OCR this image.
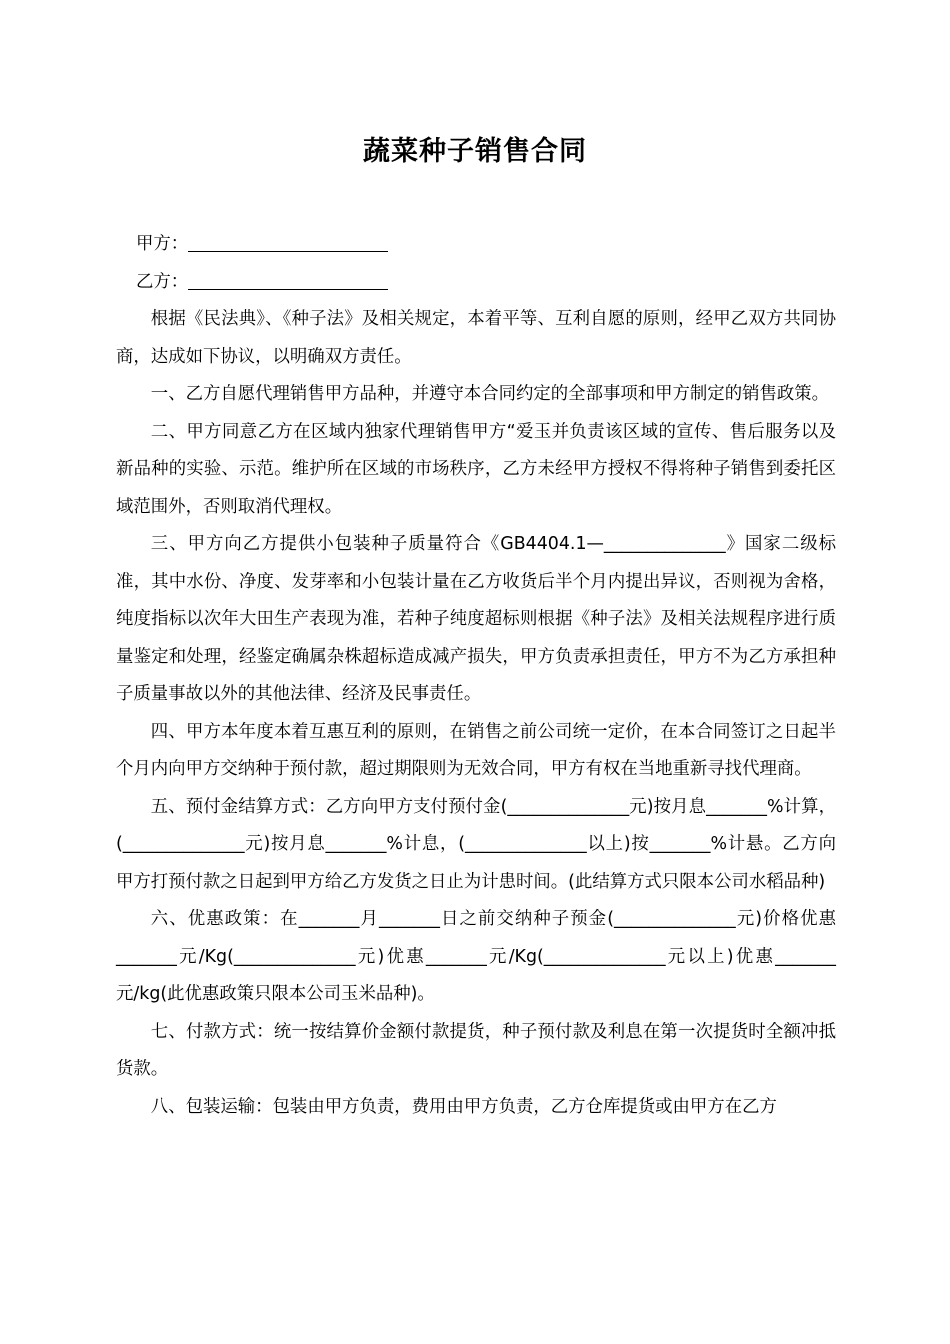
蔬菜种子销售合同
甲方：
乙方：

根据《民法典》、《种子法》及相关规定，本着平等、互利自愿的原则，经甲乙双方共同协商，达成如下协议，以明确双方责任。

一、乙方自愿代理销售甲方品种，并遵守本合同约定的全部事项和甲方制定的销售政策。

二、甲方同意乙方在区域内独家代理销售甲方“爱玉并负责该区域的宣传、售后服务以及新品种的实验、示范。维护所在区域的市场秩序，乙方未经甲方授权不得将种子销售到委托区域范围外，否则取消代理权。

三、甲方向乙方提供小包装种子质量符合《GB4404.1—______________》国家二级标准，其中水份、净度、发芽率和小包装计量在乙方收货后半个月内提出异议，否则视为舍格，纯度指标以次年大田生产表现为准，若种子纯度超标则根据《种子法》及相关法规程序进行质量鉴定和处理，经鉴定确属杂株超标造成减产损失，甲方负责承担责任，甲方不为乙方承担种子质量事故以外的其他法律、经济及民事责任。

四、甲方本年度本着互惠互利的原则，在销售之前公司统一定价，在本合同签订之日起半个月内向甲方交纳种于预付款，超过期限则为无效合同，甲方有权在当地重新寻找代理商。

五、预付金结算方式：乙方向甲方支付预付金(______________元)按月息_______%计算，(______________元)按月息_______%计息，(______________以上)按_______%计悬。乙方向甲方打预付款之日起到甲方给乙方发货之日止为计患时间。(此结算方式只限本公司水稻品种)

六、优惠政策：在_______月_______日之前交纳种子预金(______________元)价格优惠_______元/Kg(______________元)优惠_______元/Kg(______________元以上)优惠_______元/kg(此优惠政策只限本公司玉米品种)。

七、付款方式：统一按结算价金额付款提货，种子预付款及利息在第一次提货时全额冲抵货款。

八、包装运输：包装由甲方负责，费用由甲方负责，乙方仓库提货或由甲方在乙方
